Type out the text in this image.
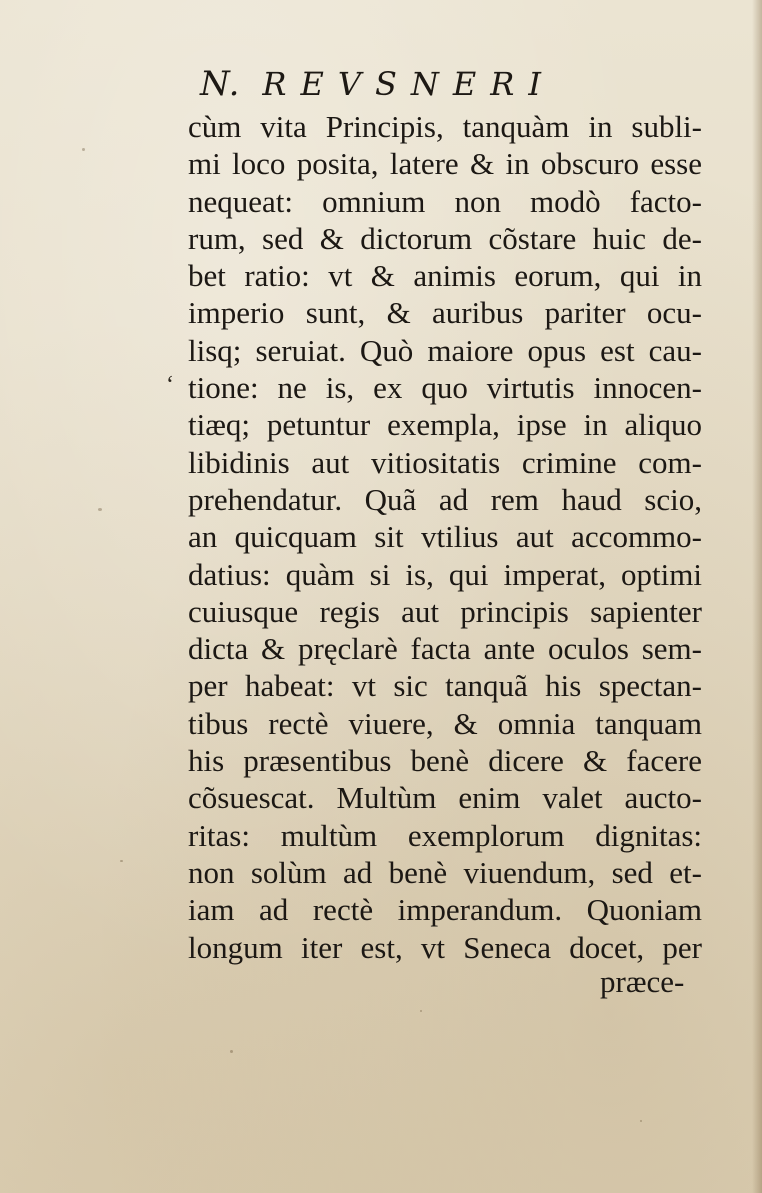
N. REVSNERI
‘
cùm vita Principis, tanquàm in subli-
mi loco posita, latere & in obscuro esse
nequeat: omnium non modò facto-
rum, sed & dictorum cõstare huic de-
bet ratio: vt & animis eorum, qui in
imperio sunt, & auribus pariter ocu-
lisq; seruiat. Quò maiore opus est cau-
tione: ne is, ex quo virtutis innocen-
tiæq; petuntur exempla, ipse in aliquo
libidinis aut vitiositatis crimine com-
prehendatur. Quã ad rem haud scio,
an quicquam sit vtilius aut accommo-
datius: quàm si is, qui imperat, optimi
cuiusque regis aut principis sapienter
dicta & pręclarè facta ante oculos sem-
per habeat: vt sic tanquã his spectan-
tibus rectè viuere, & omnia tanquam
his præsentibus benè dicere & facere
cõsuescat. Multùm enim valet aucto-
ritas: multùm exemplorum dignitas:
non solùm ad benè viuendum, sed et-
iam ad rectè imperandum. Quoniam
longum iter est, vt Seneca docet, per
præce-
